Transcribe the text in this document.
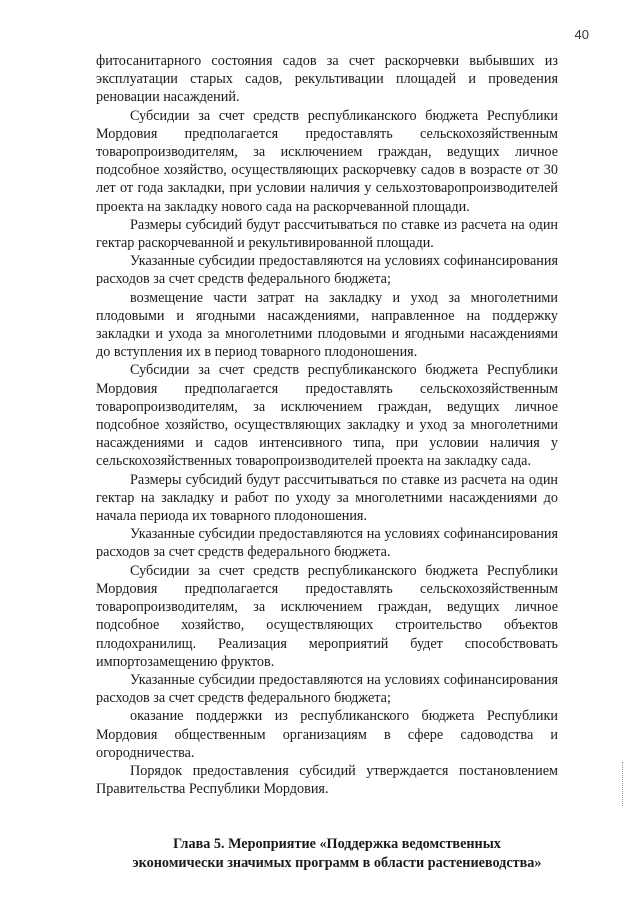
40

фитосанитарного состояния садов за счет раскорчевки выбывших из эксплуатации старых садов, рекультивации площадей и проведения реновации насаждений.

Субсидии за счет средств республиканского бюджета Республики Мордовия предполагается предоставлять сельскохозяйственным товаропроизводителям, за исключением граждан, ведущих личное подсобное хозяйство, осуществляющих раскорчевку садов в возрасте от 30 лет от года закладки, при условии наличия у сельхозтоваропроизводителей проекта на закладку нового сада на раскорчеванной площади.

Размеры субсидий будут рассчитываться по ставке из расчета на один гектар раскорчеванной и рекультивированной площади.

Указанные субсидии предоставляются на условиях софинансирования расходов за счет средств федерального бюджета;

возмещение части затрат на закладку и уход за многолетними плодовыми и ягодными насаждениями, направленное на поддержку закладки и ухода за многолетними плодовыми и ягодными насаждениями до вступления их в период товарного плодоношения.

Субсидии за счет средств республиканского бюджета Республики Мордовия предполагается предоставлять сельскохозяйственным товаропроизводителям, за исключением граждан, ведущих личное подсобное хозяйство, осуществляющих закладку и уход за многолетними насаждениями и садов интенсивного типа, при условии наличия у сельскохозяйственных товаропроизводителей проекта на закладку сада.

Размеры субсидий будут рассчитываться по ставке из расчета на один гектар на закладку и работ по уходу за многолетними насаждениями до начала периода их товарного плодоношения.

Указанные субсидии предоставляются на условиях софинансирования расходов за счет средств федерального бюджета.

Субсидии за счет средств республиканского бюджета Республики Мордовия предполагается предоставлять сельскохозяйственным товаропроизводителям, за исключением граждан, ведущих личное подсобное хозяйство, осуществляющих строительство объектов плодохранилищ. Реализация мероприятий будет способствовать импортозамещению фруктов.

Указанные субсидии предоставляются на условиях софинансирования расходов за счет средств федерального бюджета;

оказание поддержки из республиканского бюджета Республики Мордовия общественным организациям в сфере садоводства и огородничества.

Порядок предоставления субсидий утверждается постановлением Правительства Республики Мордовия.

Глава 5. Мероприятие «Поддержка ведомственных

экономически значимых программ в области растениеводства»
